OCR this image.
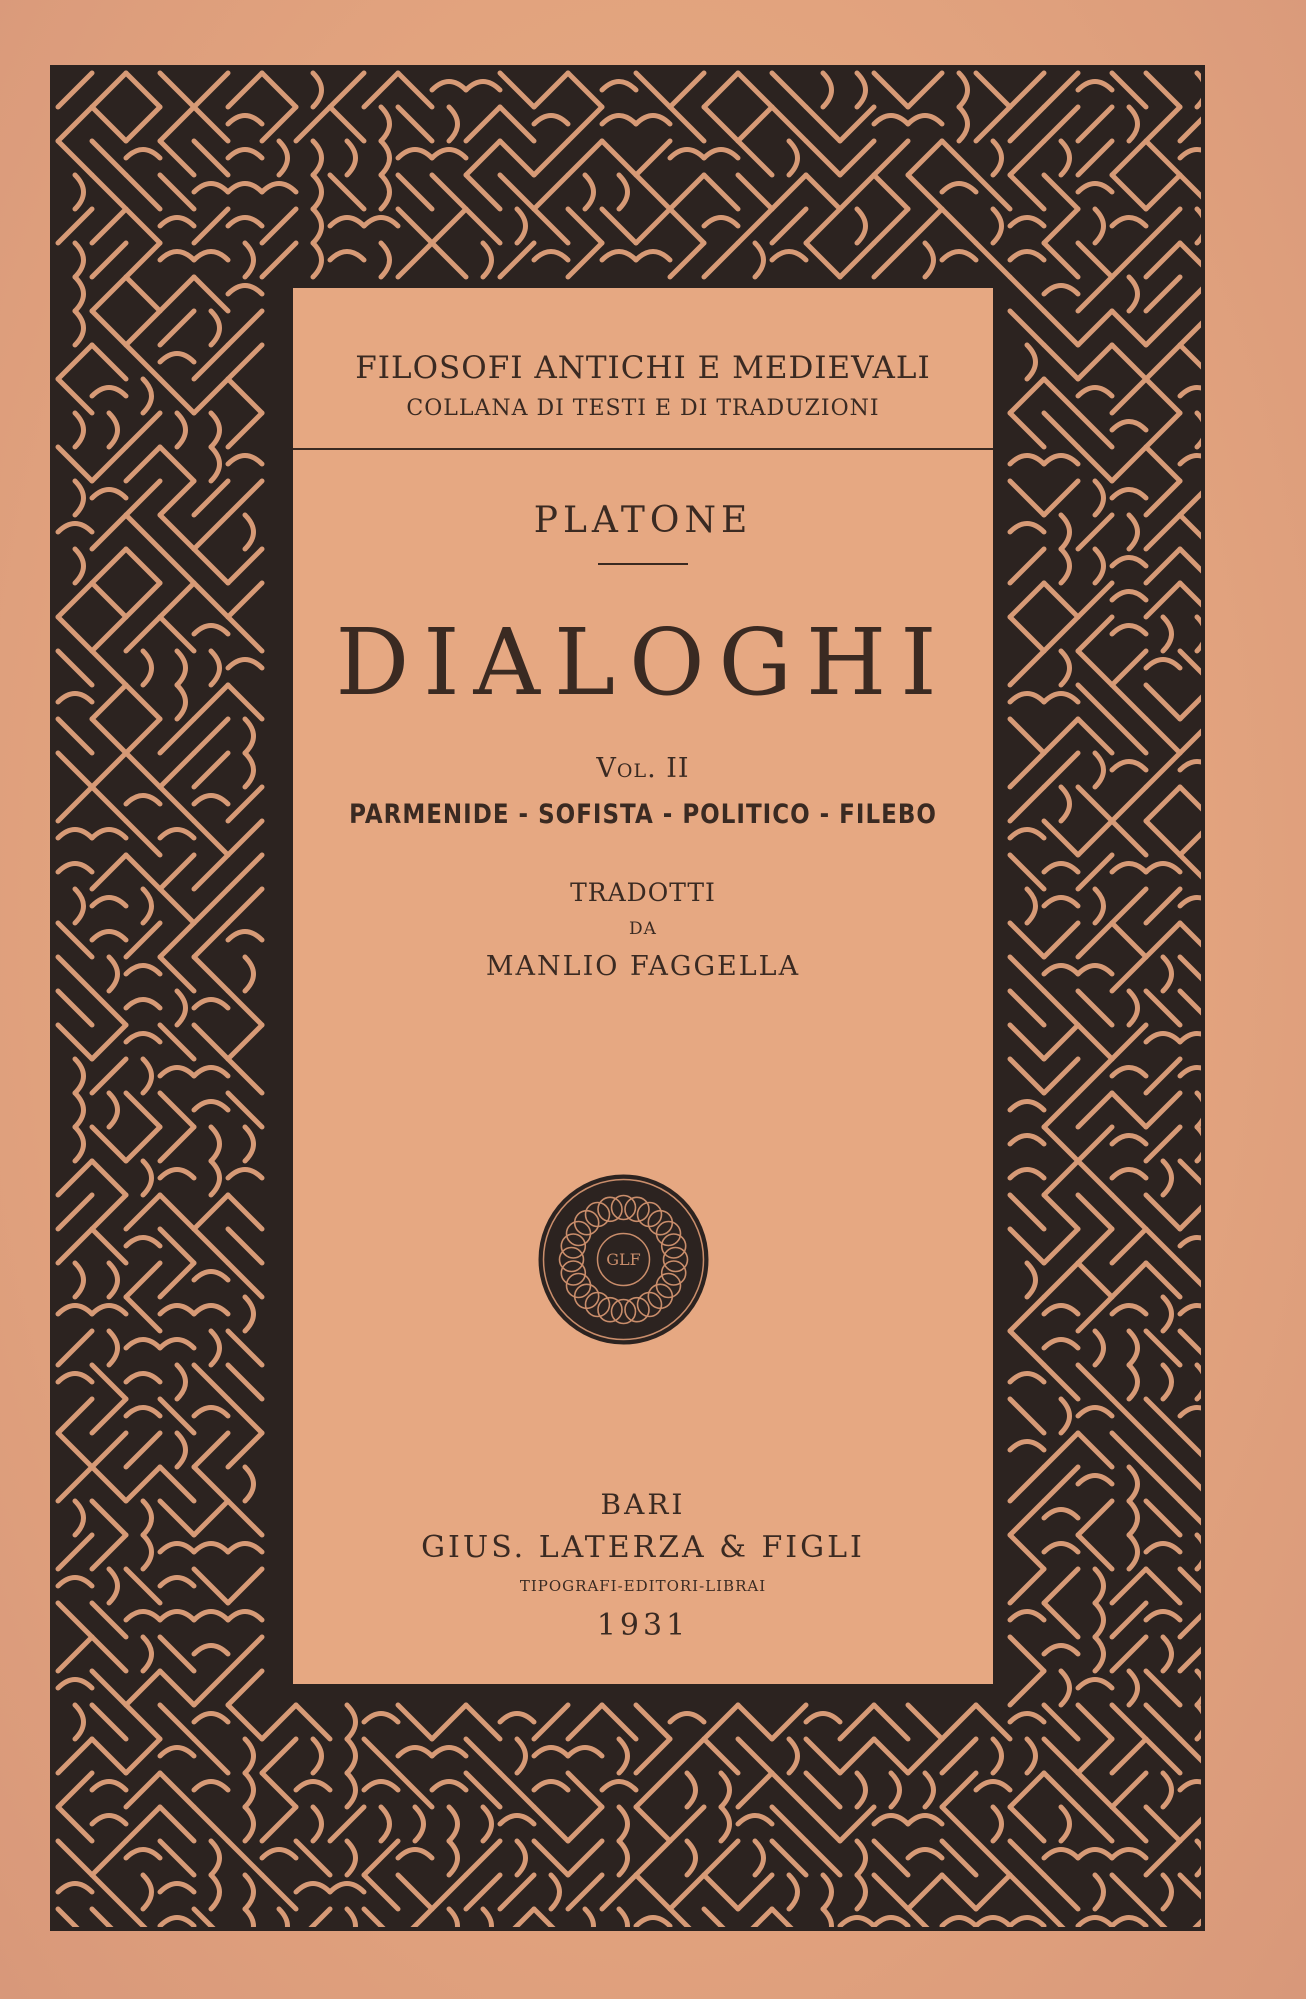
FILOSOFI ANTICHI E MEDIEVALI
COLLANA DI TESTI E DI TRADUZIONI
PLATONE
DIALOGHI
Vol. II
PARMENIDE - SOFISTA - POLITICO - FILEBO
TRADOTTI
DA
MANLIO FAGGELLA
GLF
BARI
GIUS. LATERZA & FIGLI
TIPOGRAFI-EDITORI-LIBRAI
1931
